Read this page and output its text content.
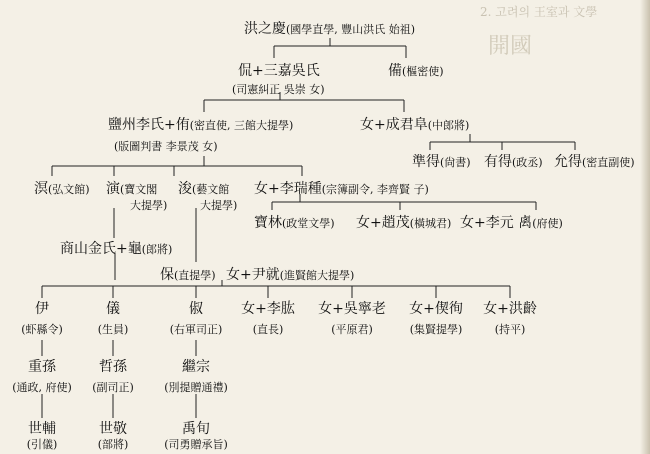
洪之慶(國學直學, 豐山洪氏 始祖)
侃+三嘉吳氏
(司憲糾正 吳崇 女)
備(樞密使)
鹽州李氏+侑(密直使, 三館大提學)
(版圖判書 李景茂 女)
女+成君阜(中郎將)
準得(尙書) 有得(政丞) 允得(密直副使)
溟(弘文館) 演(寶文閣
大提學)
浚(藝文館
大提學)
女+李瑞種(宗簿副令, 李齊賢 子)
寶林(政堂文學) 女+趙茂(橫城君) 女+李元 禼(府使)
商山金氏+龜(郎將)
保(直提學) 女+尹就(進賢館大提學)
伊
(虾縣令)
儀
(生員)
俶
(右軍司正)
女+李肱
(直長)
女+吳寧老
(平原君)
女+偰徇
(集賢提學)
女+洪齡
(持平)
重孫
(通政, 府使)
哲孫
(副司正)
繼宗
(別提贈通禮)
世輔
(引儀)
世敬
(部將)
禹旬
(司勇贈承旨)
2. 고려의 王室과 文學
開國
